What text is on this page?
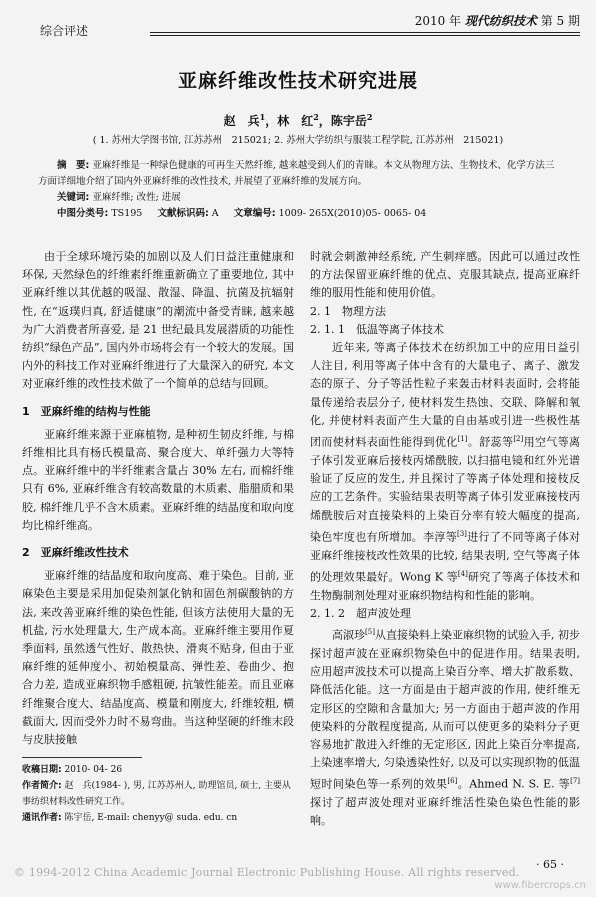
综合评述
2010 年 现代纺织技术 第 5 期
亚麻纤维改性技术研究进展
赵　兵$^1$，林　红$^2$，陈宇岳$^2$
( 1. 苏州大学图书馆, 江苏苏州　215021; 2. 苏州大学纺织与服装工程学院, 江苏苏州　215021)
摘　要: 亚麻纤维是一种绿色健康的可再生天然纤维, 越来越受到人们的青睐。本文从物理方法、生物技术、化学方法三方面详细地介绍了国内外亚麻纤维的改性技术, 并展望了亚麻纤维的发展方向。
关键词: 亚麻纤维; 改性; 进展
中图分类号: TS195 文献标识码: A 文章编号: 1009- 265X(2010)05- 0065- 04

由于全球环境污染的加剧以及人们日益注重健康和环保, 天然绿色的纤维素纤维重新确立了重要地位, 其中亚麻纤维以其优越的吸湿、散湿、降温、抗菌及抗辐射性, 在“返璞归真, 舒适健康”的潮流中备受青睐, 越来越为广大消费者所喜爱, 是 21 世纪最具发展潜质的功能性纺织“绿色产品”, 国内外市场将会有一个较大的发展。国内外的科技工作对亚麻纤维进行了大量深入的研究, 本文对亚麻纤维的改性技术做了一个简单的总结与回顾。

1　亚麻纤维的结构与性能

亚麻纤维来源于亚麻植物, 是种初生韧皮纤维, 与棉纤维相比具有杨氏模量高、聚合度大、单纤强力大等特点。亚麻纤维中的半纤维素含量占 30% 左右, 而棉纤维只有 6%, 亚麻纤维含有较高数量的木质素、脂腊质和果胶, 棉纤维几乎不含木质素。亚麻纤维的结晶度和取向度均比棉纤维高。

2　亚麻纤维改性技术

亚麻纤维的结晶度和取向度高、难于染色。目前, 亚麻染色主要是采用加促染剂氯化钠和固色剂碳酸钠的方法, 来改善亚麻纤维的染色性能, 但该方法使用大量的无机盐, 污水处理量大, 生产成本高。亚麻纤维主要用作夏季面料, 虽然透气性好、散热快、滑爽不贴身, 但由于亚麻纤维的延伸度小、初始模量高、弹性差、卷曲少、抱合力差, 造成亚麻织物手感粗硬, 抗皱性能差。而且亚麻纤维聚合度大、结晶度高、模量和刚度大, 纤维较粗, 横截面大, 因而受外力时不易弯曲。当这种坚硬的纤维末段与皮肤接触

时就会刺激神经系统, 产生刺痒感。因此可以通过改性的方法保留亚麻纤维的优点、克服其缺点, 提高亚麻纤维的服用性能和使用价值。

2. 1　物理方法
2. 1. 1　低温等离子体技术

近年来, 等离子体技术在纺织加工中的应用日益引人注目, 利用等离子体中含有的大量电子、离子、激发态的原子、分子等活性粒子来轰击材料表面时, 会将能量传递给表层分子, 使材料发生热蚀、交联、降解和氧化, 并使材料表面产生大量的自由基或引进一些极性基团而使材料表面性能得到优化[1]。舒蕊等[2]用空气等离子体引发亚麻后接枝丙烯酰胺, 以扫描电镜和红外光谱验证了反应的发生, 并且探讨了等离子体处理和接枝反应的工艺条件。实验结果表明等离子体引发亚麻接枝丙烯酰胺后对直接染料的上染百分率有较大幅度的提高, 染色牢度也有所增加。李淳等[3]进行了不同等离子体对亚麻纤维接枝改性效果的比较, 结果表明, 空气等离子体的处理效果最好。Wong K 等[4]研究了等离子体技术和生物酶制剂处理对亚麻织物结构和性能的影响。

2. 1. 2　超声波处理

高淑珍[5]从直接染料上染亚麻织物的试验入手, 初步探讨超声波在亚麻织物染色中的促进作用。结果表明, 应用超声波技术可以提高上染百分率、增大扩散系数、降低活化能。这一方面是由于超声波的作用, 使纤维无定形区的空隙和含量加大; 另一方面由于超声波的作用使染料的分散程度提高, 从而可以使更多的染料分子更容易地扩散进入纤维的无定形区, 因此上染百分率提高, 上染速率增大, 匀染透染性好, 以及可以实现织物的低温短时间染色等一系列的效果[6]。Ahmed N. S. E. 等[7]探讨了超声波处理对亚麻纤维活性染色染色性能的影响。

收稿日期: 2010- 04- 26
作者简介: 赵　兵(1984- ), 男, 江苏苏州人, 助理馆员, 硕士, 主要从事纺织材料改性研究工作。
通讯作者: 陈宇岳, E-mail: chenyy@ suda. edu. cn
· 65 ·
© 1994-2012 China Academic Journal Electronic Publishing House. All rights reserved.
www.fibercrops.cn
